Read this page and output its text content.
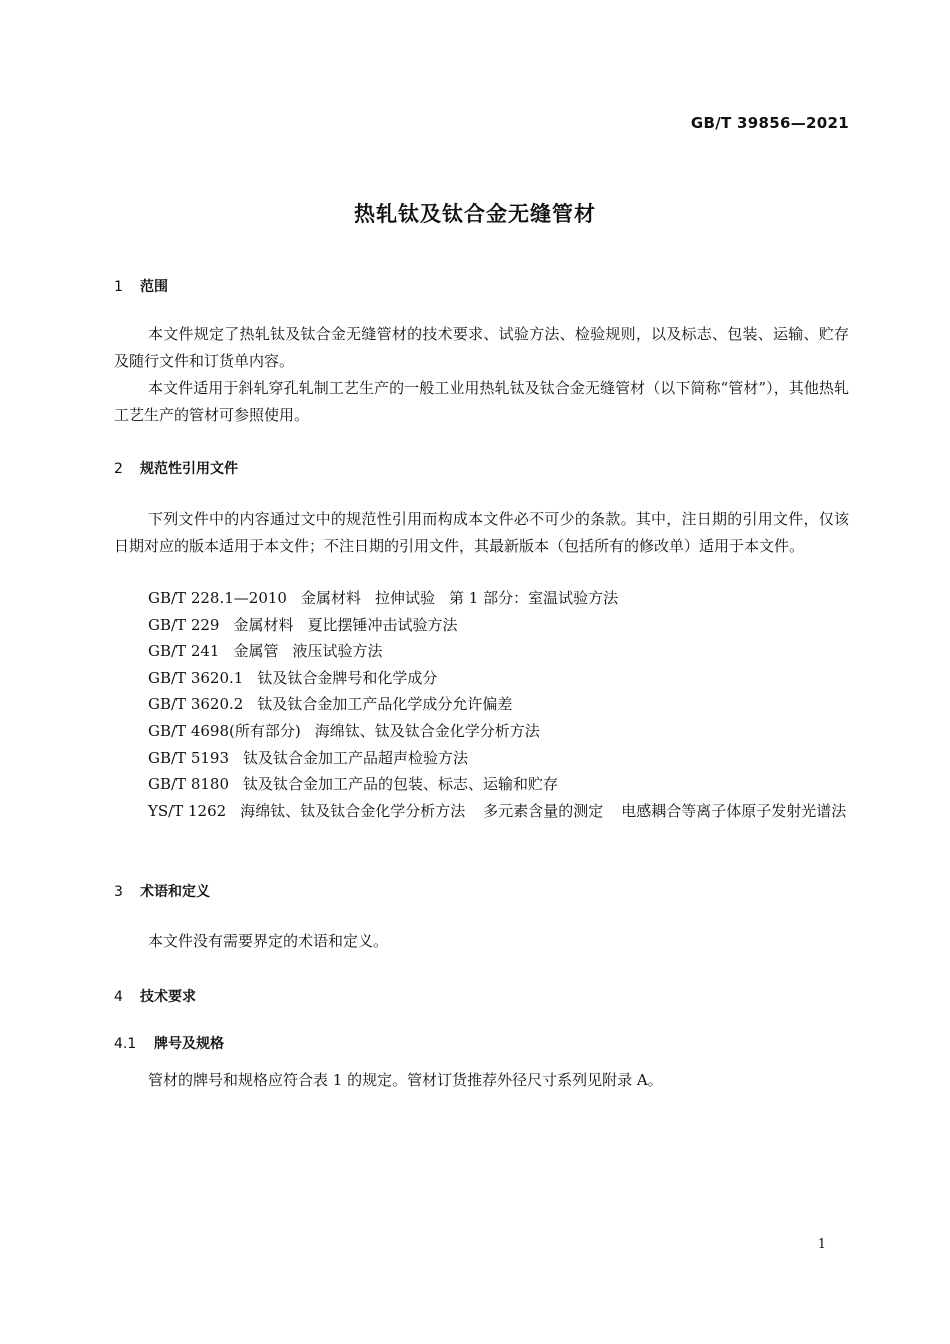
GB/T 39856—2021
热轧钛及钛合金无缝管材
1 范围
本文件规定了热轧钛及钛合金无缝管材的技术要求、试验方法、检验规则，以及标志、包装、运输、贮存及随行文件和订货单内容。
本文件适用于斜轧穿孔轧制工艺生产的一般工业用热轧钛及钛合金无缝管材（以下简称“管材”），其他热轧工艺生产的管材可参照使用。
2 规范性引用文件
下列文件中的内容通过文中的规范性引用而构成本文件必不可少的条款。其中，注日期的引用文件，仅该日期对应的版本适用于本文件；不注日期的引用文件，其最新版本（包括所有的修改单）适用于本文件。
GB/T 228.1—2010 金属材料 拉伸试验 第 1 部分：室温试验方法
GB/T 229 金属材料 夏比摆锤冲击试验方法
GB/T 241 金属管 液压试验方法
GB/T 3620.1 钛及钛合金牌号和化学成分
GB/T 3620.2 钛及钛合金加工产品化学成分允许偏差
GB/T 4698(所有部分) 海绵钛、钛及钛合金化学分析方法
GB/T 5193 钛及钛合金加工产品超声检验方法
GB/T 8180 钛及钛合金加工产品的包装、标志、运输和贮存
YS/T 1262 海绵钛、钛及钛合金化学分析方法 多元素含量的测定 电感耦合等离子体原子发射光谱法
3 术语和定义
本文件没有需要界定的术语和定义。
4 技术要求
4.1 牌号及规格
管材的牌号和规格应符合表 1 的规定。管材订货推荐外径尺寸系列见附录 A。
1
